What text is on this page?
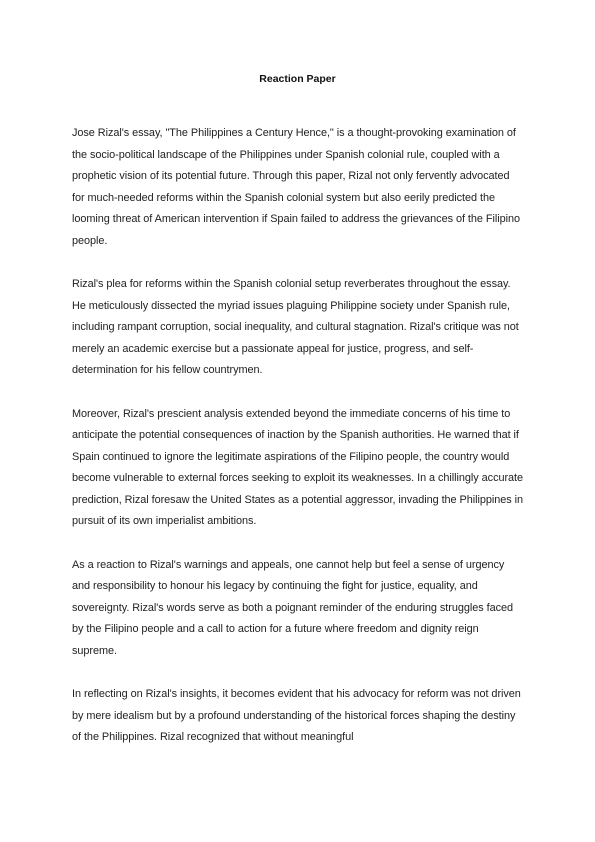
Reaction Paper

Jose Rizal's essay, "The Philippines a Century Hence," is a thought-provoking examination of the socio-political landscape of the Philippines under Spanish colonial rule, coupled with a prophetic vision of its potential future. Through this paper, Rizal not only fervently advocated for much-needed reforms within the Spanish colonial system but also eerily predicted the looming threat of American intervention if Spain failed to address the grievances of the Filipino people.

Rizal's plea for reforms within the Spanish colonial setup reverberates throughout the essay. He meticulously dissected the myriad issues plaguing Philippine society under Spanish rule, including rampant corruption, social inequality, and cultural stagnation. Rizal's critique was not merely an academic exercise but a passionate appeal for justice, progress, and self-determination for his fellow countrymen.

Moreover, Rizal's prescient analysis extended beyond the immediate concerns of his time to anticipate the potential consequences of inaction by the Spanish authorities. He warned that if Spain continued to ignore the legitimate aspirations of the Filipino people, the country would become vulnerable to external forces seeking to exploit its weaknesses. In a chillingly accurate prediction, Rizal foresaw the United States as a potential aggressor, invading the Philippines in pursuit of its own imperialist ambitions.

As a reaction to Rizal's warnings and appeals, one cannot help but feel a sense of urgency and responsibility to honour his legacy by continuing the fight for justice, equality, and sovereignty. Rizal's words serve as both a poignant reminder of the enduring struggles faced by the Filipino people and a call to action for a future where freedom and dignity reign supreme.

In reflecting on Rizal's insights, it becomes evident that his advocacy for reform was not driven by mere idealism but by a profound understanding of the historical forces shaping the destiny of the Philippines. Rizal recognized that without meaningful
